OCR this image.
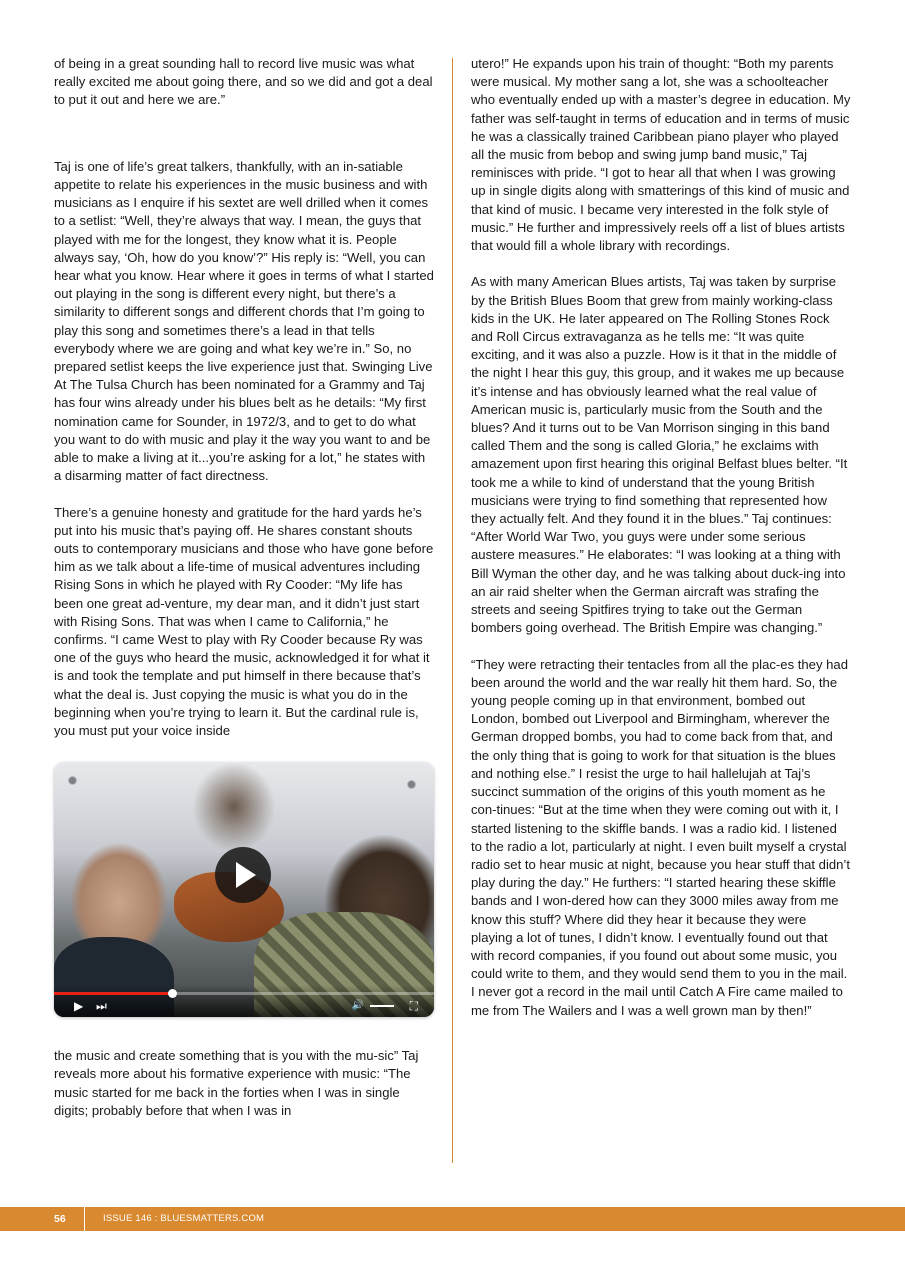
of being in a great sounding hall to record live music was what really excited me about going there, and so we did and got a deal to put it out and here we are.”

Taj is one of life’s great talkers, thankfully, with an in-satiable appetite to relate his experiences in the music business and with musicians as I enquire if his sextet are well drilled when it comes to a setlist: “Well, they’re always that way. I mean, the guys that played with me for the longest, they know what it is. People always say, ‘Oh, how do you know’?” His reply is: “Well, you can hear what you know. Hear where it goes in terms of what I started out playing in the song is different every night, but there’s a similarity to different songs and different chords that I’m going to play this song and sometimes there’s a lead in that tells everybody where we are going and what key we’re in.” So, no prepared setlist keeps the live experience just that. Swinging Live At The Tulsa Church has been nominated for a Grammy and Taj has four wins already under his blues belt as he details: “My first nomination came for Sounder, in 1972/3, and to get to do what you want to do with music and play it the way you want to and be able to make a living at it...you’re asking for a lot,” he states with a disarming matter of fact directness.

There’s a genuine honesty and gratitude for the hard yards he’s put into his music that’s paying off. He shares constant shouts outs to contemporary musicians and those who have gone before him as we talk about a life-time of musical adventures including Rising Sons in which he played with Ry Cooder: “My life has been one great ad-venture, my dear man, and it didn’t just start with Rising Sons. That was when I came to California,” he confirms. “I came West to play with Ry Cooder because Ry was one of the guys who heard the music, acknowledged it for what it is and took the template and put himself in there because that’s what the deal is. Just copying the music is what you do in the beginning when you’re trying to learn it. But the cardinal rule is, you must put your voice inside

▶ ⏭	🔊	⛶

the music and create something that is you with the mu-sic” Taj reveals more about his formative experience with music: “The music started for me back in the forties when I was in single digits; probably before that when I was in

utero!” He expands upon his train of thought: “Both my parents were musical. My mother sang a lot, she was a schoolteacher who eventually ended up with a master’s degree in education. My father was self-taught in terms of education and in terms of music he was a classically trained Caribbean piano player who played all the music from bebop and swing jump band music,” Taj reminisces with pride. “I got to hear all that when I was growing up in single digits along with smatterings of this kind of music and that kind of music. I became very interested in the folk style of music.” He further and impressively reels off a list of blues artists that would fill a whole library with recordings.

As with many American Blues artists, Taj was taken by surprise by the British Blues Boom that grew from mainly working-class kids in the UK. He later appeared on The Rolling Stones Rock and Roll Circus extravaganza as he tells me: “It was quite exciting, and it was also a puzzle. How is it that in the middle of the night I hear this guy, this group, and it wakes me up because it’s intense and has obviously learned what the real value of American music is, particularly music from the South and the blues? And it turns out to be Van Morrison singing in this band called Them and the song is called Gloria,” he exclaims with amazement upon first hearing this original Belfast blues belter. “It took me a while to kind of understand that the young British musicians were trying to find something that represented how they actually felt. And they found it in the blues.” Taj continues: “After World War Two, you guys were under some serious austere measures.” He elaborates: “I was looking at a thing with Bill Wyman the other day, and he was talking about duck-ing into an air raid shelter when the German aircraft was strafing the streets and seeing Spitfires trying to take out the German bombers going overhead. The British Empire was changing.”

“They were retracting their tentacles from all the plac-es they had been around the world and the war really hit them hard. So, the young people coming up in that environment, bombed out London, bombed out Liverpool and Birmingham, wherever the German dropped bombs, you had to come back from that, and the only thing that is going to work for that situation is the blues and nothing else.” I resist the urge to hail hallelujah at Taj’s succinct summation of the origins of this youth moment as he con-tinues: “But at the time when they were coming out with it, I started listening to the skiffle bands. I was a radio kid. I listened to the radio a lot, particularly at night. I even built myself a crystal radio set to hear music at night, because you hear stuff that didn’t play during the day.” He furthers: “I started hearing these skiffle bands and I won-dered how can they 3000 miles away from me know this stuff? Where did they hear it because they were playing a lot of tunes, I didn’t know. I eventually found out that with record companies, if you found out about some music, you could write to them, and they would send them to you in the mail. I never got a record in the mail until Catch A Fire came mailed to me from The Wailers and I was a well grown man by then!”

56	ISSUE 146 : BLUESMATTERS.COM
